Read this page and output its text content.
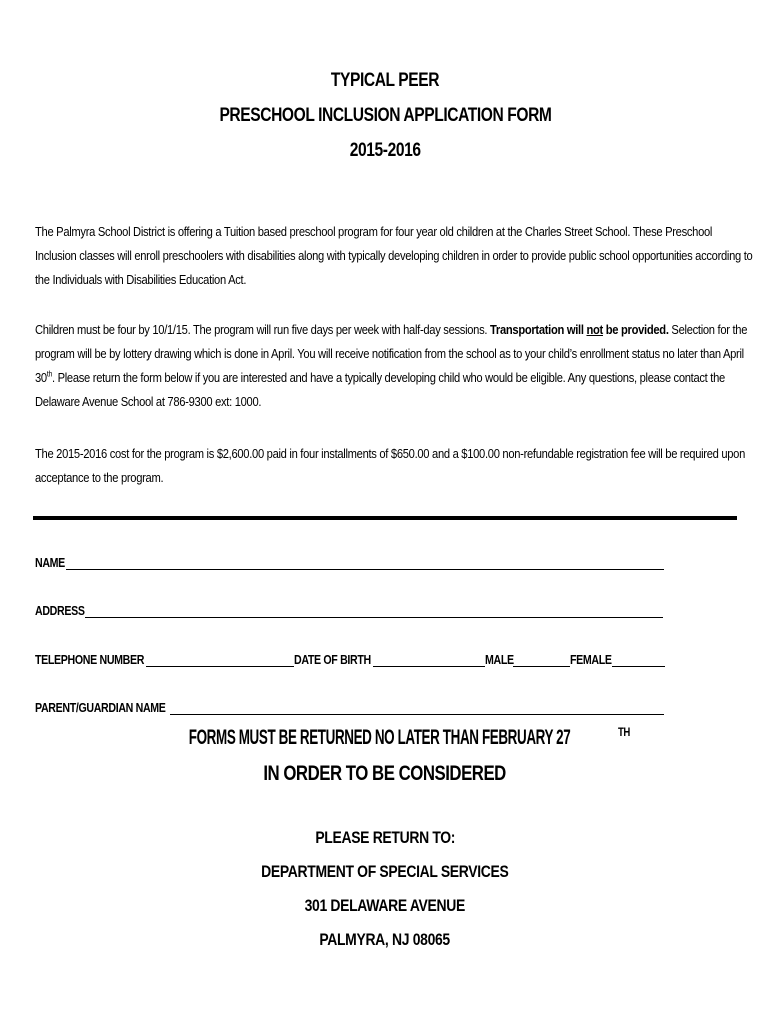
TYPICAL PEER
PRESCHOOL INCLUSION APPLICATION FORM
2015-2016
The Palmyra School District is offering a Tuition based preschool program for four year old children at the Charles Street School. These Preschool Inclusion classes will enroll preschoolers with disabilities along with typically developing children in order to provide public school opportunities according to the Individuals with Disabilities Education Act.
Children must be four by 10/1/15. The program will run five days per week with half-day sessions. Transportation will not be provided. Selection for the program will be by lottery drawing which is done in April. You will receive notification from the school as to your child’s enrollment status no later than April 30th. Please return the form below if you are interested and have a typically developing child who would be eligible. Any questions, please contact the Delaware Avenue School at 786-9300 ext: 1000.
The 2015-2016 cost for the program is $2,600.00 paid in four installments of $650.00 and a $100.00 non-refundable registration fee will be required upon acceptance to the program.
NAME
ADDRESS
TELEPHONE NUMBER	DATE OF BIRTH	MALE	FEMALE
PARENT/GUARDIAN NAME
FORMS MUST BE RETURNED NO LATER THAN FEBRUARY 27	$^{TH}$
IN ORDER TO BE CONSIDERED
PLEASE RETURN TO:
DEPARTMENT OF SPECIAL SERVICES
301 DELAWARE AVENUE
PALMYRA, NJ 08065
